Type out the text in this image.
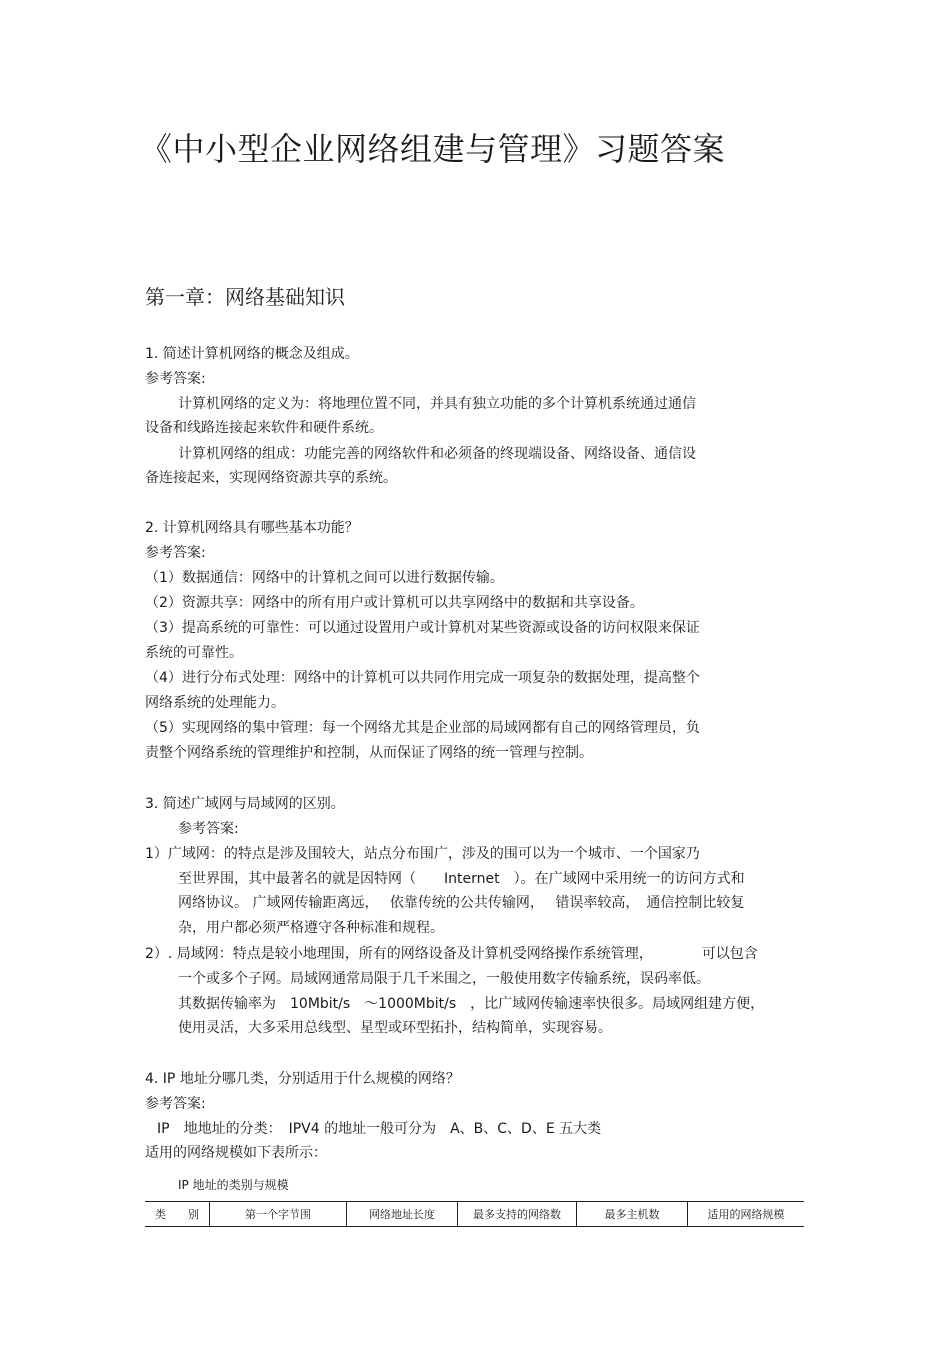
《中小型企业网络组建与管理》习题答案
第一章：网络基础知识
1. 简述计算机网络的概念及组成。
参考答案:
计算机网络的定义为：将地理位置不同，并具有独立功能的多个计算机系统通过通信
设备和线路连接起来软件和硬件系统。
计算机网络的组成：功能完善的网络软件和必须备的终现端设备、网络设备、通信设
备连接起来，实现网络资源共享的系统。
2. 计算机网络具有哪些基本功能？
参考答案:
（1）数据通信：网络中的计算机之间可以进行数据传输。
（2）资源共享：网络中的所有用户或计算机可以共享网络中的数据和共享设备。
（3）提高系统的可靠性：可以通过设置用户或计算机对某些资源或设备的访问权限来保证
系统的可靠性。
（4）进行分布式处理：网络中的计算机可以共同作用完成一项复杂的数据处理，提高整个
网络系统的处理能力。
（5）实现网络的集中管理：每一个网络尤其是企业部的局域网都有自己的网络管理员，负
责整个网络系统的管理维护和控制，从而保证了网络的统一管理与控制。
3. 简述广域网与局域网的区别。
参考答案:
1）广域网：的特点是涉及围较大，站点分布围广，涉及的围可以为一个城市、一个国家乃
至世界围，其中最著名的就是因特网（　　Internet　）。在广域网中采用统一的访问方式和
网络协议。 广域网传输距离远，　 依靠传统的公共传输网，　 错误率较高，　通信控制比较复
杂，用户都必须严格遵守各种标准和规程。
2）. 局域网：特点是较小地理围，所有的网络设备及计算机受网络操作系统管理，　　　　可以包含
一个或多个子网。局域网通常局限于几千米围之，一般使用数字传输系统，误码率低。
其数据传输率为　10Mbit/s　～1000Mbit/s　，比广域网传输速率快很多。局域网组建方便，
使用灵活，大多采用总线型、星型或环型拓扑，结构简单，实现容易。
4. IP 地址分哪几类，分别适用于什么规模的网络？
参考答案:
IP　地地址的分类：　IPV4 的地址一般可分为　A、B、C、D、E 五大类
适用的网络规模如下表所示：
IP 地址的类别与规模
类　　别	第一个字节围	网络地址长度	最多支持的网络数	最多主机数	适用的网络规模
